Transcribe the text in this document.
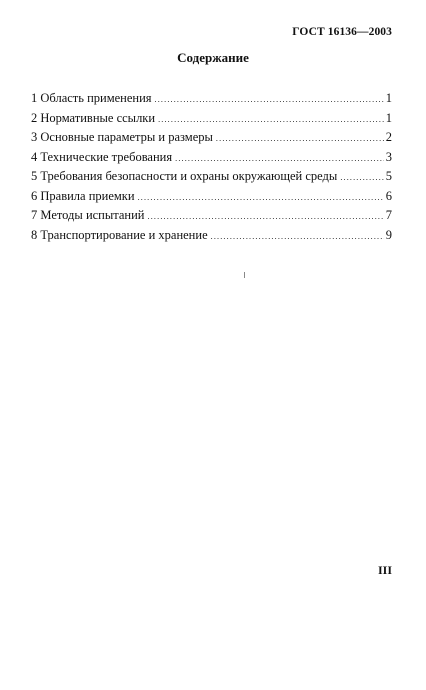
ГОСТ 16136—2003
Содержание
1 Область применения .....	1
2 Нормативные ссылки .....	1
3 Основные параметры и размеры .....	2
4 Технические требования .....	3
5 Требования безопасности и охраны окружающей среды .....	5
6 Правила приемки .....	6
7 Методы испытаний .....	7
8 Транспортирование и хранение .....	9
III
